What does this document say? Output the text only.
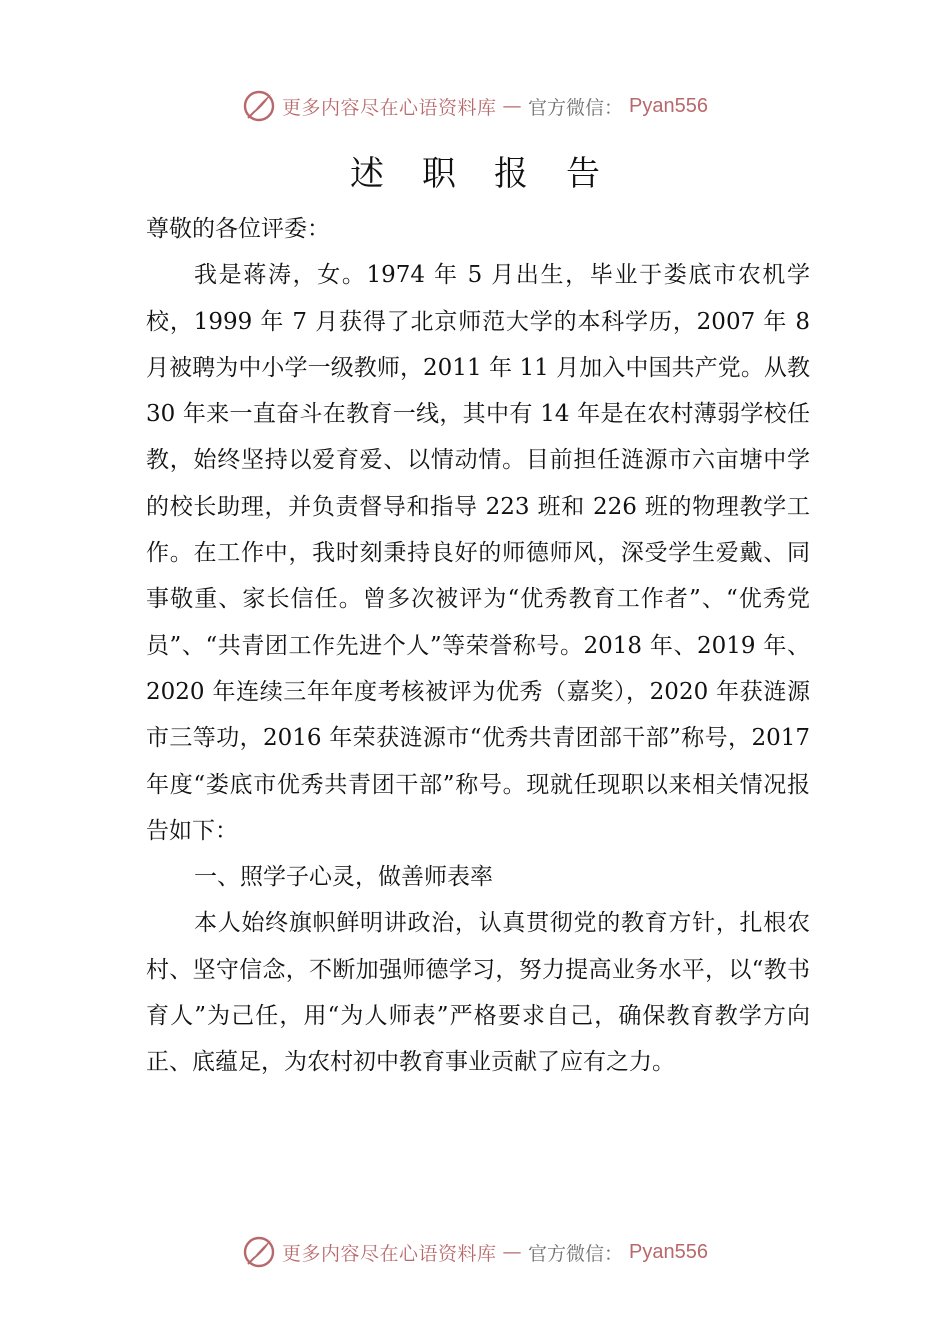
更多内容尽在心语资料库 — 官方微信： Pyan556
述职报告

尊敬的各位评委：

我是蒋涛，女。1974 年 5 月出生，毕业于娄底市农机学校，1999 年 7 月获得了北京师范大学的本科学历，2007 年 8 月被聘为中小学一级教师，2011 年 11 月加入中国共产党。从教 30 年来一直奋斗在教育一线，其中有 14 年是在农村薄弱学校任教，始终坚持以爱育爱、以情动情。目前担任涟源市六亩塘中学的校长助理，并负责督导和指导 223 班和 226 班的物理教学工作。在工作中，我时刻秉持良好的师德师风，深受学生爱戴、同事敬重、家长信任。曾多次被评为“优秀教育工作者”、“优秀党员”、“共青团工作先进个人”等荣誉称号。2018 年、2019 年、2020 年连续三年年度考核被评为优秀（嘉奖），2020 年获涟源市三等功，2016 年荣获涟源市“优秀共青团部干部”称号，2017 年度“娄底市优秀共青团干部”称号。现就任现职以来相关情况报告如下：

一、照学子心灵，做善师表率

本人始终旗帜鲜明讲政治，认真贯彻党的教育方针，扎根农村、坚守信念，不断加强师德学习，努力提高业务水平，以“教书育人”为己任，用“为人师表”严格要求自己，确保教育教学方向正、底蕴足，为农村初中教育事业贡献了应有之力。

更多内容尽在心语资料库 — 官方微信： Pyan556
